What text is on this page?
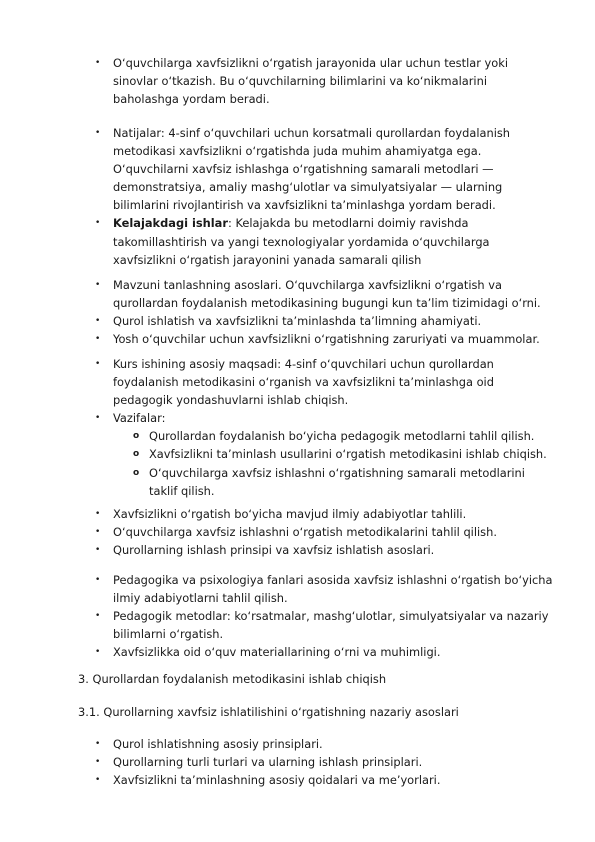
• O‘quvchilarga xavfsizlikni o‘rgatish jarayonida ular uchun testlar yoki sinovlar o‘tkazish. Bu o‘quvchilarning bilimlarini va ko‘nikmalarini baholashga yordam beradi.
• Natijalar: 4-sinf o‘quvchilari uchun korsatmali qurollardan foydalanish metodikasi xavfsizlikni o‘rgatishda juda muhim ahamiyatga ega. O‘quvchilarni xavfsiz ishlashga o‘rgatishning samarali metodlari — demonstratsiya, amaliy mashg‘ulotlar va simulyatsiyalar — ularning bilimlarini rivojlantirish va xavfsizlikni ta’minlashga yordam beradi.
• Kelajakdagi ishlar: Kelajakda bu metodlarni doimiy ravishda takomillashtirish va yangi texnologiyalar yordamida o‘quvchilarga xavfsizlikni o‘rgatish jarayonini yanada samarali qilish
• Mavzuni tanlashning asoslari. O‘quvchilarga xavfsizlikni o‘rgatish va qurollardan foydalanish metodikasining bugungi kun ta’lim tizimidagi o‘rni.
• Qurol ishlatish va xavfsizlikni ta’minlashda ta’limning ahamiyati.
• Yosh o‘quvchilar uchun xavfsizlikni o‘rgatishning zaruriyati va muammolar.
• Kurs ishining asosiy maqsadi: 4-sinf o‘quvchilari uchun qurollardan foydalanish metodikasini o‘rganish va xavfsizlikni ta’minlashga oid pedagogik yondashuvlarni ishlab chiqish.
• Vazifalar:
o Qurollardan foydalanish bo‘yicha pedagogik metodlarni tahlil qilish.
o Xavfsizlikni ta’minlash usullarini o‘rgatish metodikasini ishlab chiqish.
o O‘quvchilarga xavfsiz ishlashni o‘rgatishning samarali metodlarini taklif qilish.
• Xavfsizlikni o‘rgatish bo‘yicha mavjud ilmiy adabiyotlar tahlili.
• O‘quvchilarga xavfsiz ishlashni o‘rgatish metodikalarini tahlil qilish.
• Qurollarning ishlash prinsipi va xavfsiz ishlatish asoslari.
• Pedagogika va psixologiya fanlari asosida xavfsiz ishlashni o‘rgatish bo‘yicha ilmiy adabiyotlarni tahlil qilish.
• Pedagogik metodlar: ko‘rsatmalar, mashg‘ulotlar, simulyatsiyalar va nazariy bilimlarni o‘rgatish.
• Xavfsizlikka oid o‘quv materiallarining o‘rni va muhimligi.
• Qurol ishlatishning asosiy prinsiplari.
• Qurollarning turli turlari va ularning ishlash prinsiplari.
• Xavfsizlikni ta’minlashning asosiy qoidalari va me’yorlari.
3. Qurollardan foydalanish metodikasini ishlab chiqish
3.1. Qurollarning xavfsiz ishlatilishini o‘rgatishning nazariy asoslari
